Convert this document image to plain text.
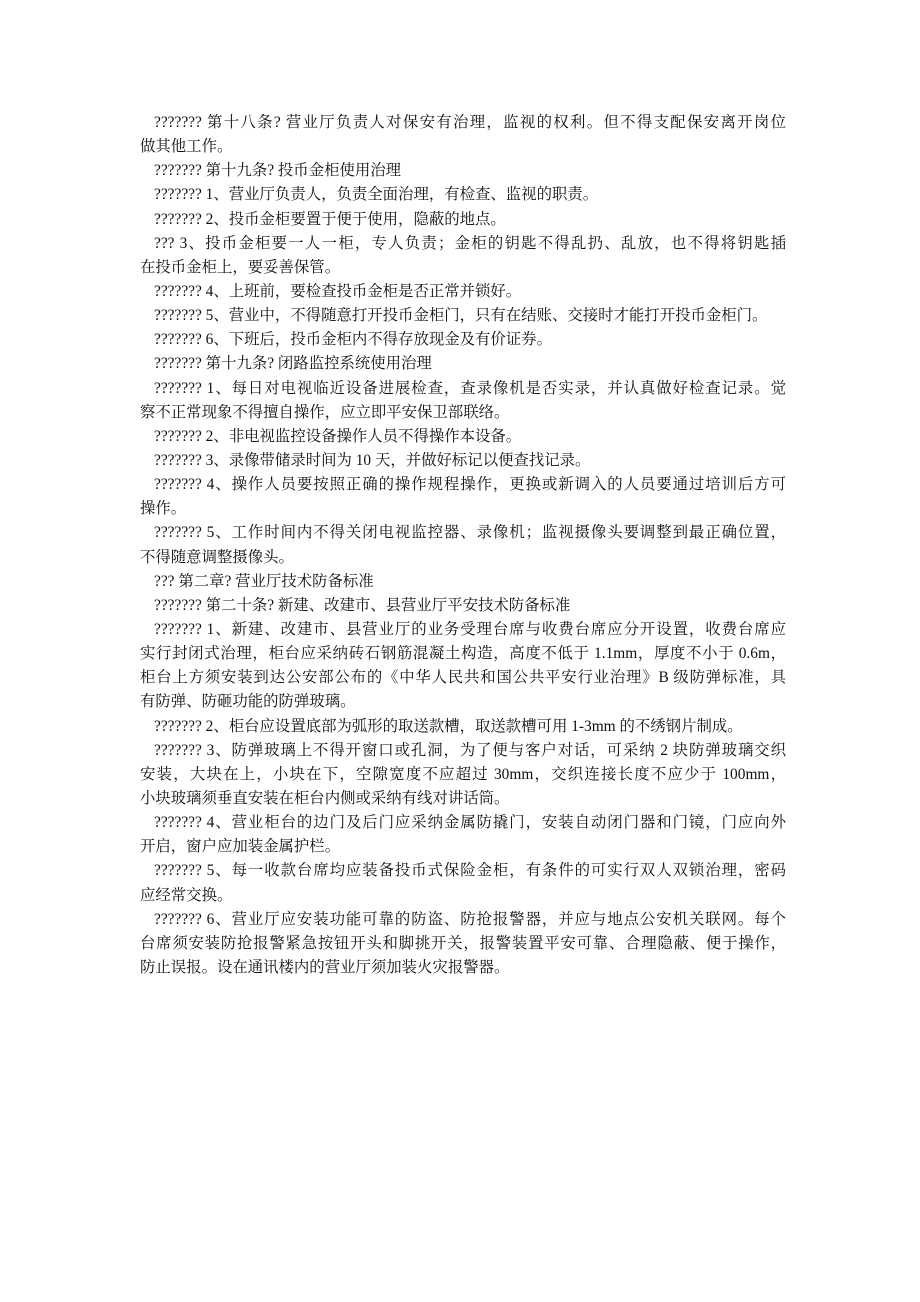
??????? 第十八条? 营业厅负责人对保安有治理，监视的权利。但不得支配保安离开岗位
做其他工作。
??????? 第十九条? 投币金柜使用治理
??????? 1、营业厅负责人，负责全面治理，有检查、监视的职责。
??????? 2、投币金柜要置于便于使用，隐蔽的地点。
??? 3、投币金柜要一人一柜，专人负责；金柜的钥匙不得乱扔、乱放，也不得将钥匙插
在投币金柜上，要妥善保管。
??????? 4、上班前，要检查投币金柜是否正常并锁好。
??????? 5、营业中，不得随意打开投币金柜门，只有在结账、交接时才能打开投币金柜门。
??????? 6、下班后，投币金柜内不得存放现金及有价证券。
??????? 第十九条? 闭路监控系统使用治理
??????? 1、每日对电视临近设备进展检查，查录像机是否实录，并认真做好检查记录。觉
察不正常现象不得擅自操作，应立即平安保卫部联络。
??????? 2、非电视监控设备操作人员不得操作本设备。
??????? 3、录像带储录时间为 10 天，并做好标记以便查找记录。
??????? 4、操作人员要按照正确的操作规程操作，更换或新调入的人员要通过培训后方可
操作。
??????? 5、工作时间内不得关闭电视监控器、录像机；监视摄像头要调整到最正确位置，
不得随意调整摄像头。
??? 第二章? 营业厅技术防备标准
??????? 第二十条? 新建、改建市、县营业厅平安技术防备标准
??????? 1、新建、改建市、县营业厅的业务受理台席与收费台席应分开设置，收费台席应
实行封闭式治理，柜台应采纳砖石钢筋混凝土构造，高度不低于 1.1mm，厚度不小于 0.6m，
柜台上方须安装到达公安部公布的《中华人民共和国公共平安行业治理》B 级防弹标准，具
有防弹、防砸功能的防弹玻璃。
??????? 2、柜台应设置底部为弧形的取送款槽，取送款槽可用 1-3mm 的不绣钢片制成。
??????? 3、防弹玻璃上不得开窗口或孔洞，为了便与客户对话，可采纳 2 块防弹玻璃交织
安装，大块在上，小块在下，空隙宽度不应超过 30mm，交织连接长度不应少于 100mm，
小块玻璃须垂直安装在柜台内侧或采纳有线对讲话筒。
??????? 4、营业柜台的边门及后门应采纳金属防撬门，安装自动闭门器和门镜，门应向外
开启，窗户应加装金属护栏。
??????? 5、每一收款台席均应装备投币式保险金柜，有条件的可实行双人双锁治理，密码
应经常交换。
??????? 6、营业厅应安装功能可靠的防盗、防抢报警器，并应与地点公安机关联网。每个
台席须安装防抢报警紧急按钮开头和脚挑开关，报警装置平安可靠、合理隐蔽、便于操作，
防止误报。设在通讯楼内的营业厅须加装火灾报警器。
